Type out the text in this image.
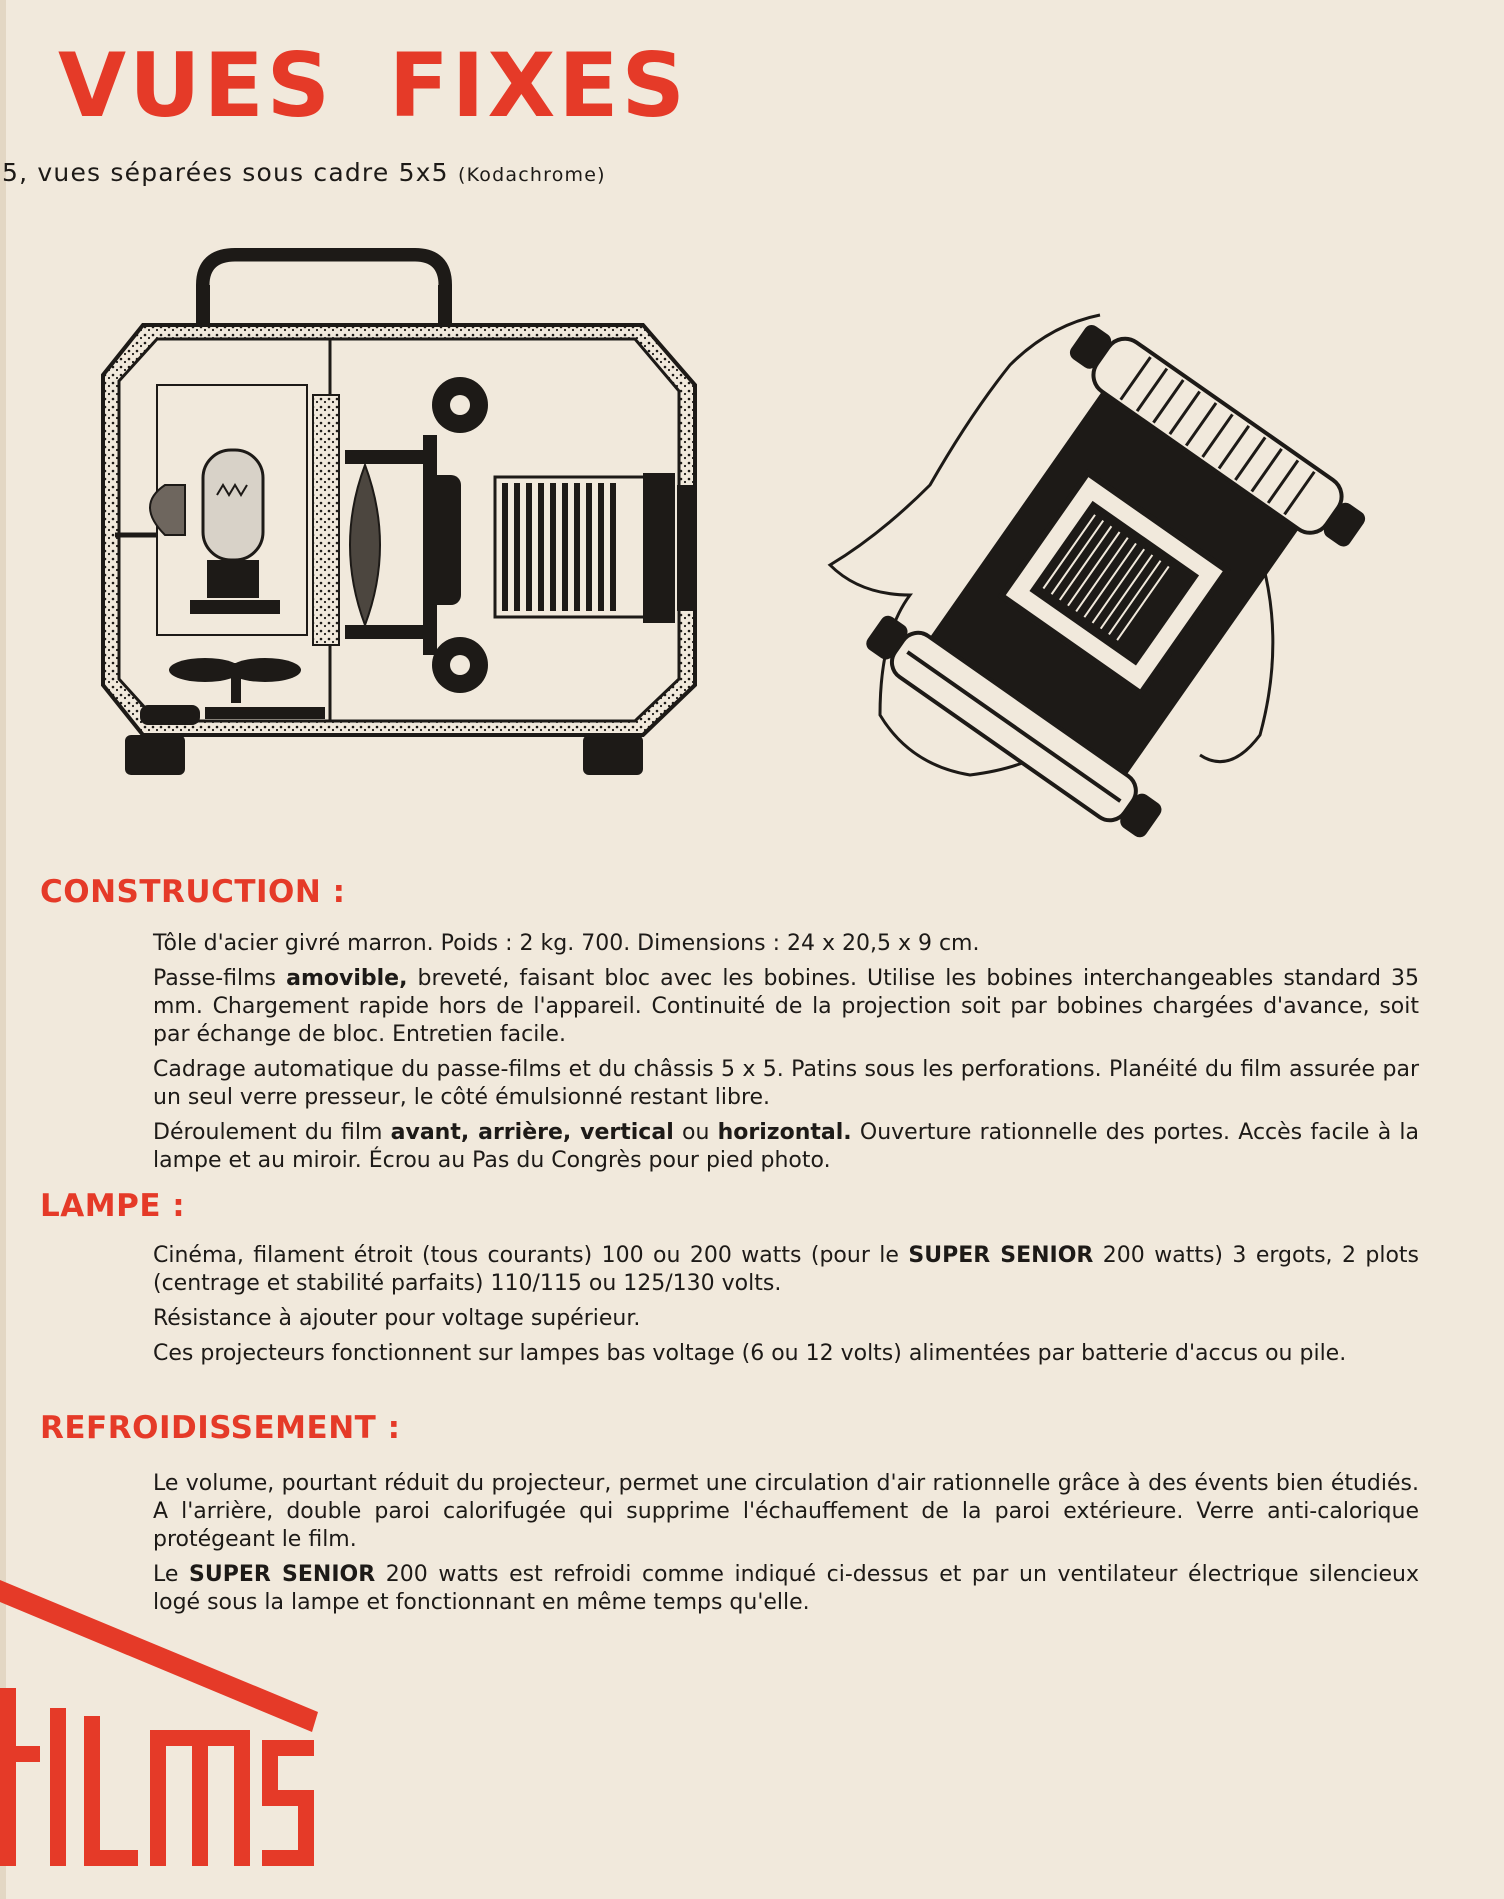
VUES FIXES

5, vues séparées sous cadre 5x5 (Kodachrome)

CONSTRUCTION :

Tôle d'acier givré marron. Poids : 2 kg. 700. Dimensions : 24 x 20,5 x 9 cm.

Passe-films amovible, breveté, faisant bloc avec les bobines. Utilise les bobines interchangeables standard 35 mm. Chargement rapide hors de l'appareil. Continuité de la projection soit par bobines chargées d'avance, soit par échange de bloc. Entretien facile.

Cadrage automatique du passe-films et du châssis 5 x 5. Patins sous les perforations. Planéité du film assurée par un seul verre presseur, le côté émulsionné restant libre.

Déroulement du film avant, arrière, vertical ou horizontal. Ouverture rationnelle des portes. Accès facile à la lampe et au miroir. Écrou au Pas du Congrès pour pied photo.

LAMPE :

Cinéma, filament étroit (tous courants) 100 ou 200 watts (pour le SUPER SENIOR 200 watts) 3 ergots, 2 plots (centrage et stabilité parfaits) 110/115 ou 125/130 volts.

Résistance à ajouter pour voltage supérieur.

Ces projecteurs fonctionnent sur lampes bas voltage (6 ou 12 volts) alimentées par batterie d'accus ou pile.

REFROIDISSEMENT :

Le volume, pourtant réduit du projecteur, permet une circulation d'air rationnelle grâce à des évents bien étudiés. A l'arrière, double paroi calorifugée qui supprime l'échauffement de la paroi extérieure. Verre anti-calorique protégeant le film.

Le SUPER SENIOR 200 watts est refroidi comme indiqué ci-dessus et par un ventilateur électrique silencieux logé sous la lampe et fonctionnant en même temps qu'elle.
